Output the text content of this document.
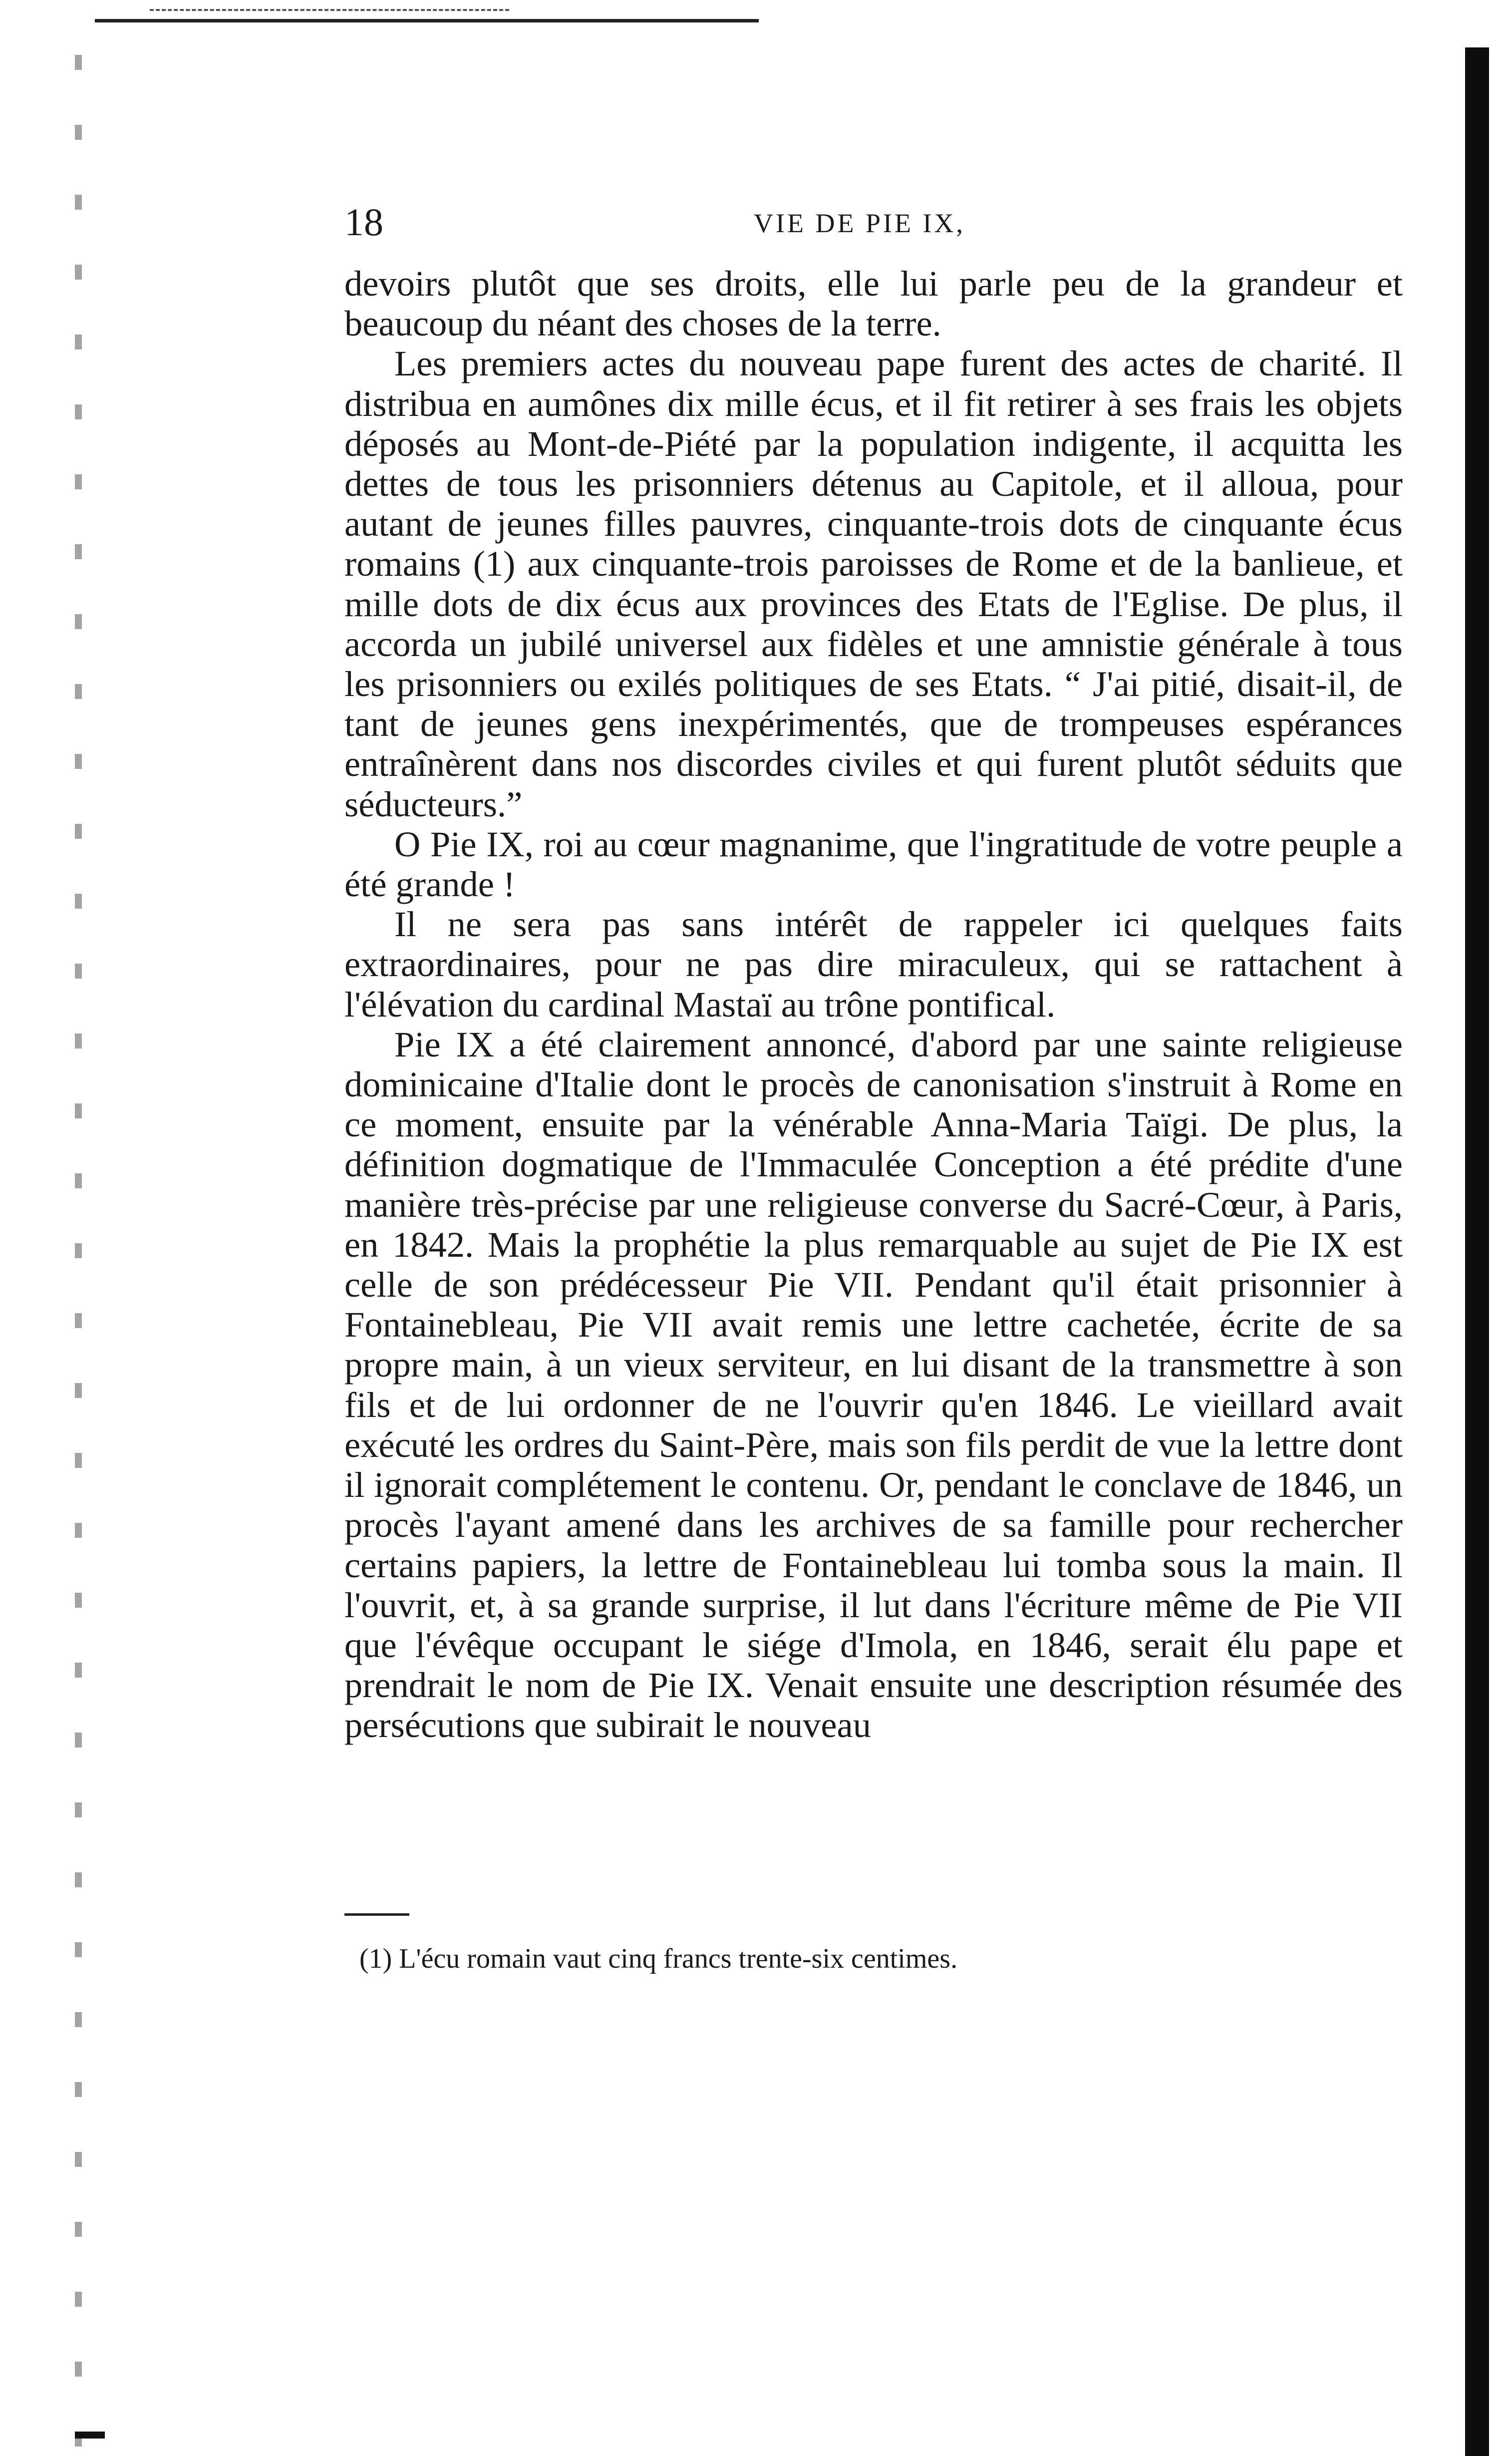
18	VIE DE PIE IX,

devoirs plutôt que ses droits, elle lui parle peu de la grandeur et beaucoup du néant des choses de la terre.

Les premiers actes du nouveau pape furent des actes de charité. Il distribua en aumônes dix mille écus, et il fit retirer à ses frais les objets déposés au Mont-de-Piété par la population indigente, il acquitta les dettes de tous les prisonniers détenus au Capitole, et il alloua, pour autant de jeunes filles pauvres, cinquante-trois dots de cinquante écus romains (1) aux cinquante-trois paroisses de Rome et de la banlieue, et mille dots de dix écus aux provinces des Etats de l'Eglise. De plus, il accorda un jubilé universel aux fidèles et une amnistie générale à tous les prisonniers ou exilés politiques de ses Etats. “ J'ai pitié, disait-il, de tant de jeunes gens inexpérimentés, que de trompeuses espérances entraînèrent dans nos discordes civiles et qui furent plutôt séduits que séducteurs.”

O Pie IX, roi au cœur magnanime, que l'ingratitude de votre peuple a été grande !

Il ne sera pas sans intérêt de rappeler ici quelques faits extraordinaires, pour ne pas dire miraculeux, qui se rattachent à l'élévation du cardinal Mastaï au trône pontifical.

Pie IX a été clairement annoncé, d'abord par une sainte religieuse dominicaine d'Italie dont le procès de canonisation s'instruit à Rome en ce moment, ensuite par la vénérable Anna-Maria Taïgi. De plus, la définition dogmatique de l'Immaculée Conception a été prédite d'une manière très-précise par une religieuse converse du Sacré-Cœur, à Paris, en 1842. Mais la prophétie la plus remarquable au sujet de Pie IX est celle de son prédécesseur Pie VII. Pendant qu'il était prisonnier à Fontainebleau, Pie VII avait remis une lettre cachetée, écrite de sa propre main, à un vieux serviteur, en lui disant de la transmettre à son fils et de lui ordonner de ne l'ouvrir qu'en 1846. Le vieillard avait exécuté les ordres du Saint-Père, mais son fils perdit de vue la lettre dont il ignorait complétement le contenu. Or, pendant le conclave de 1846, un procès l'ayant amené dans les archives de sa famille pour rechercher certains papiers, la lettre de Fontainebleau lui tomba sous la main. Il l'ouvrit, et, à sa grande surprise, il lut dans l'écriture même de Pie VII que l'évêque occupant le siége d'Imola, en 1846, serait élu pape et prendrait le nom de Pie IX. Venait ensuite une description résumée des persécutions que subirait le nouveau

(1) L'écu romain vaut cinq francs trente-six centimes.
